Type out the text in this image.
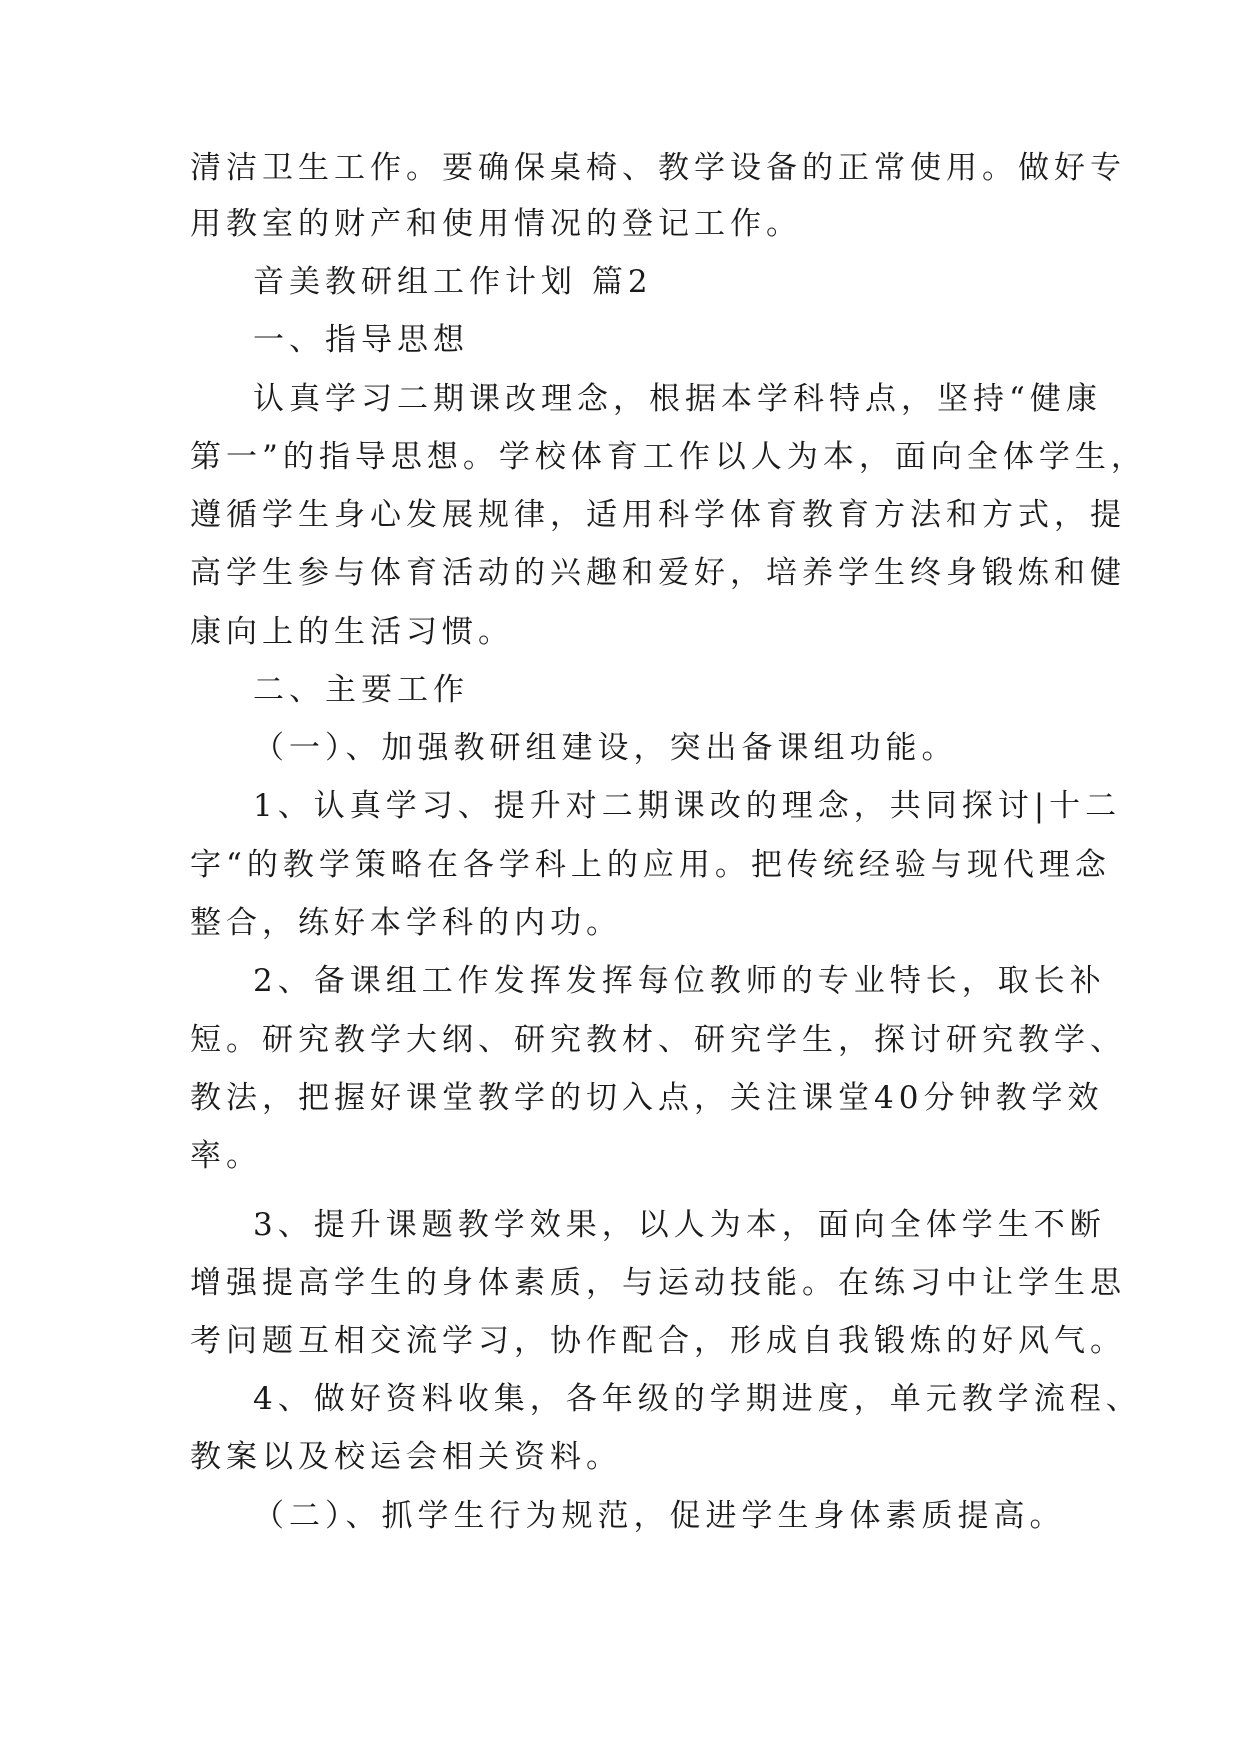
清洁卫生工作。要确保桌椅、教学设备的正常使用。做好专
用教室的财产和使用情况的登记工作。
音美教研组工作计划 篇2
一、指导思想
认真学习二期课改理念，根据本学科特点，坚持“健康
第一”的指导思想。学校体育工作以人为本，面向全体学生，
遵循学生身心发展规律，适用科学体育教育方法和方式，提
高学生参与体育活动的兴趣和爱好，培养学生终身锻炼和健
康向上的生活习惯。
二、主要工作
（一）、加强教研组建设，突出备课组功能。
1、认真学习、提升对二期课改的理念，共同探讨|十二
字“的教学策略在各学科上的应用。把传统经验与现代理念
整合，练好本学科的内功。
2、备课组工作发挥发挥每位教师的专业特长，取长补
短。研究教学大纲、研究教材、研究学生，探讨研究教学、
教法，把握好课堂教学的切入点，关注课堂40分钟教学效
率。
3、提升课题教学效果，以人为本，面向全体学生不断
增强提高学生的身体素质，与运动技能。在练习中让学生思
考问题互相交流学习，协作配合，形成自我锻炼的好风气。
4、做好资料收集，各年级的学期进度，单元教学流程、
教案以及校运会相关资料。
（二）、抓学生行为规范，促进学生身体素质提高。
